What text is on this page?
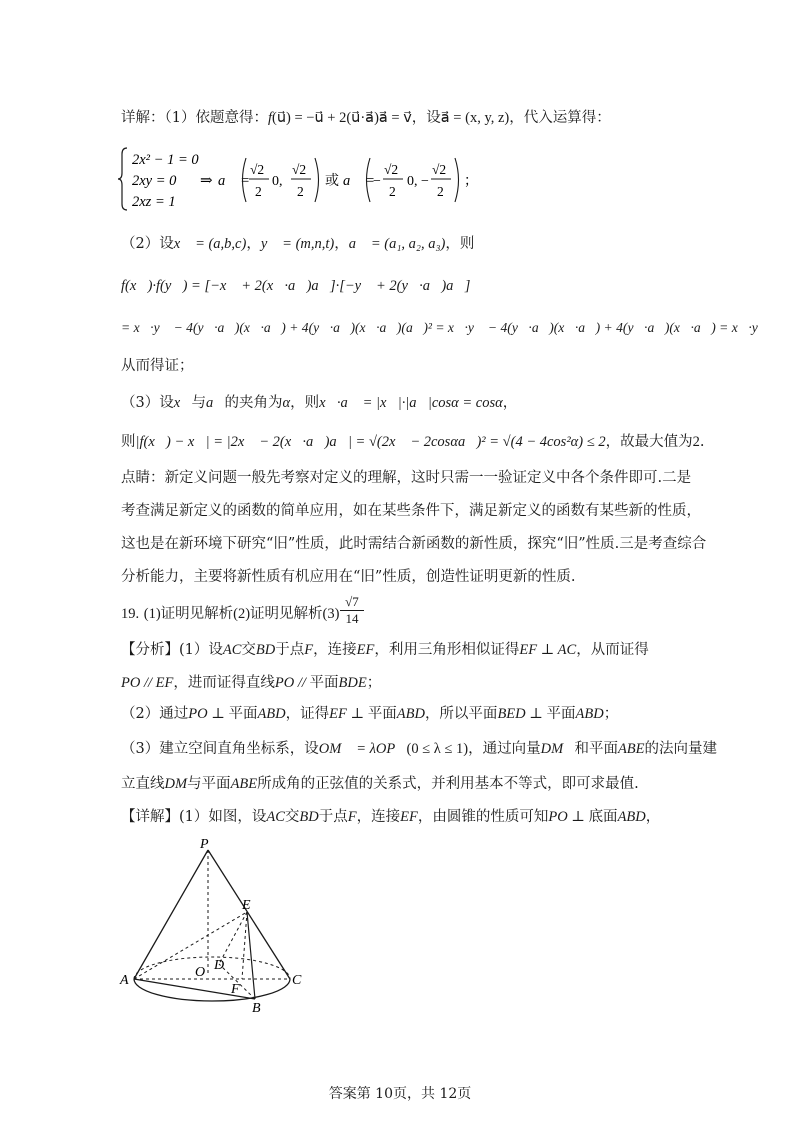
详解：（1）依题意得：f(u⃗) = −u⃗ + 2(u⃗·a⃗)a⃗ = v⃗，设a⃗ = (x, y, z)，代入运算得：
2x² − 1 = 0
2xy = 0
2xz = 1
⇒ a⃗ =
√2
2
0,
√2
2
或 a⃗ =
−
√2
2
0, −
√2
2
；
（2）设x⃗ = (a,b,c)，y⃗ = (m,n,t)，a⃗ = (a₁, a₂, a₃)，则
f(x⃗)·f(y⃗) = [−x⃗ + 2(x⃗·a⃗)a⃗]·[−y⃗ + 2(y⃗·a⃗)a⃗]
= x⃗·y⃗ − 4(y⃗·a⃗)(x⃗·a⃗) + 4(y⃗·a⃗)(x⃗·a⃗)(a⃗)² = x⃗·y⃗ − 4(y⃗·a⃗)(x⃗·a⃗) + 4(y⃗·a⃗)(x⃗·a⃗) = x⃗·y⃗
从而得证；
（3）设x⃗与a⃗的夹角为α，则x⃗·a⃗ = |x⃗|·|a⃗|cosα = cosα，
则|f(x⃗) − x⃗| = |2x⃗ − 2(x⃗·a⃗)a⃗| = √(2x⃗ − 2cosαa⃗)² = √(4 − 4cos²α) ≤ 2，故最大值为2.
点睛：新定义问题一般先考察对定义的理解，这时只需一一验证定义中各个条件即可.二是
考查满足新定义的函数的简单应用，如在某些条件下，满足新定义的函数有某些新的性质，
这也是在新环境下研究“旧”性质，此时需结合新函数的新性质，探究“旧”性质.三是考查综合
分析能力，主要将新性质有机应用在“旧”性质，创造性证明更新的性质.
19. (1)证明见解析(2)证明见解析$(3) \frac{√7}{14}$
【分析】(1）设AC交BD于点F，连接EF，利用三角形相似证得EF ⊥ AC，从而证得
PO // EF，进而证得直线PO // 平面BDE；
（2）通过PO ⊥ 平面ABD，证得EF ⊥ 平面ABD，所以平面BED ⊥ 平面ABD；
（3）建立空间直角坐标系，设OM⃗ = λOP⃗(0 ≤ λ ≤ 1)，通过向量DM⃗和平面ABE的法向量建
立直线DM与平面ABE所成角的正弦值的关系式，并利用基本不等式，即可求最值.
【详解】(1）如图，设AC交BD于点F，连接EF，由圆锥的性质可知PO ⊥ 底面ABD，
P
E
A
O D
C
F
B
答案第 10页，共 12页
